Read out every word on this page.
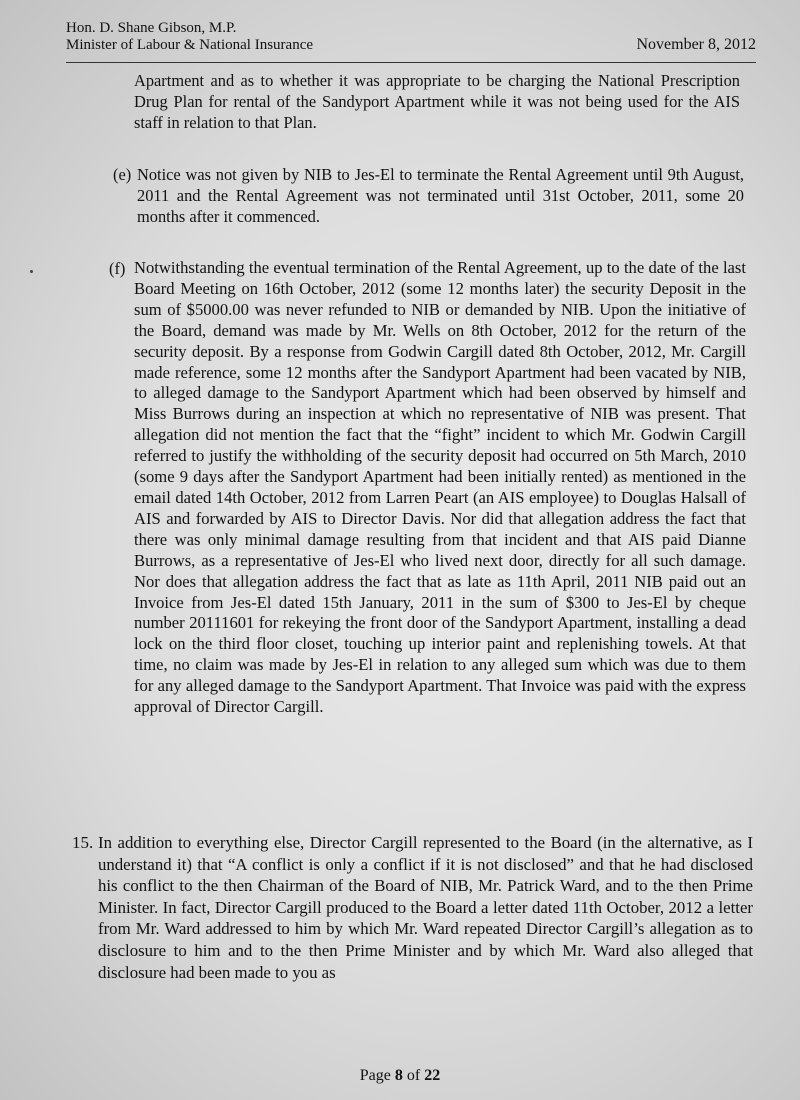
Hon. D. Shane Gibson, M.P.
Minister of Labour & National Insurance	November 8, 2012

Apartment and as to whether it was appropriate to be charging the National Prescription Drug Plan for rental of the Sandyport Apartment while it was not being used for the AIS staff in relation to that Plan.

(e) Notice was not given by NIB to Jes-El to terminate the Rental Agreement until 9th August, 2011 and the Rental Agreement was not terminated until 31st October, 2011, some 20 months after it commenced.

(f) Notwithstanding the eventual termination of the Rental Agreement, up to the date of the last Board Meeting on 16th October, 2012 (some 12 months later) the security Deposit in the sum of $5000.00 was never refunded to NIB or demanded by NIB. Upon the initiative of the Board, demand was made by Mr. Wells on 8th October, 2012 for the return of the security deposit. By a response from Godwin Cargill dated 8th October, 2012, Mr. Cargill made reference, some 12 months after the Sandyport Apartment had been vacated by NIB, to alleged damage to the Sandyport Apartment which had been observed by himself and Miss Burrows during an inspection at which no representative of NIB was present. That allegation did not mention the fact that the “fight” incident to which Mr. Godwin Cargill referred to justify the withholding of the security deposit had occurred on 5th March, 2010 (some 9 days after the Sandyport Apartment had been initially rented) as mentioned in the email dated 14th October, 2012 from Larren Peart (an AIS employee) to Douglas Halsall of AIS and forwarded by AIS to Director Davis. Nor did that allegation address the fact that there was only minimal damage resulting from that incident and that AIS paid Dianne Burrows, as a representative of Jes-El who lived next door, directly for all such damage. Nor does that allegation address the fact that as late as 11th April, 2011 NIB paid out an Invoice from Jes-El dated 15th January, 2011 in the sum of $300 to Jes-El by cheque number 20111601 for rekeying the front door of the Sandyport Apartment, installing a dead lock on the third floor closet, touching up interior paint and replenishing towels. At that time, no claim was made by Jes-El in relation to any alleged sum which was due to them for any alleged damage to the Sandyport Apartment. That Invoice was paid with the express approval of Director Cargill.

15. In addition to everything else, Director Cargill represented to the Board (in the alternative, as I understand it) that “A conflict is only a conflict if it is not disclosed” and that he had disclosed his conflict to the then Chairman of the Board of NIB, Mr. Patrick Ward, and to the then Prime Minister. In fact, Director Cargill produced to the Board a letter dated 11th October, 2012 a letter from Mr. Ward addressed to him by which Mr. Ward repeated Director Cargill’s allegation as to disclosure to him and to the then Prime Minister and by which Mr. Ward also alleged that disclosure had been made to you as

Page 8 of 22
